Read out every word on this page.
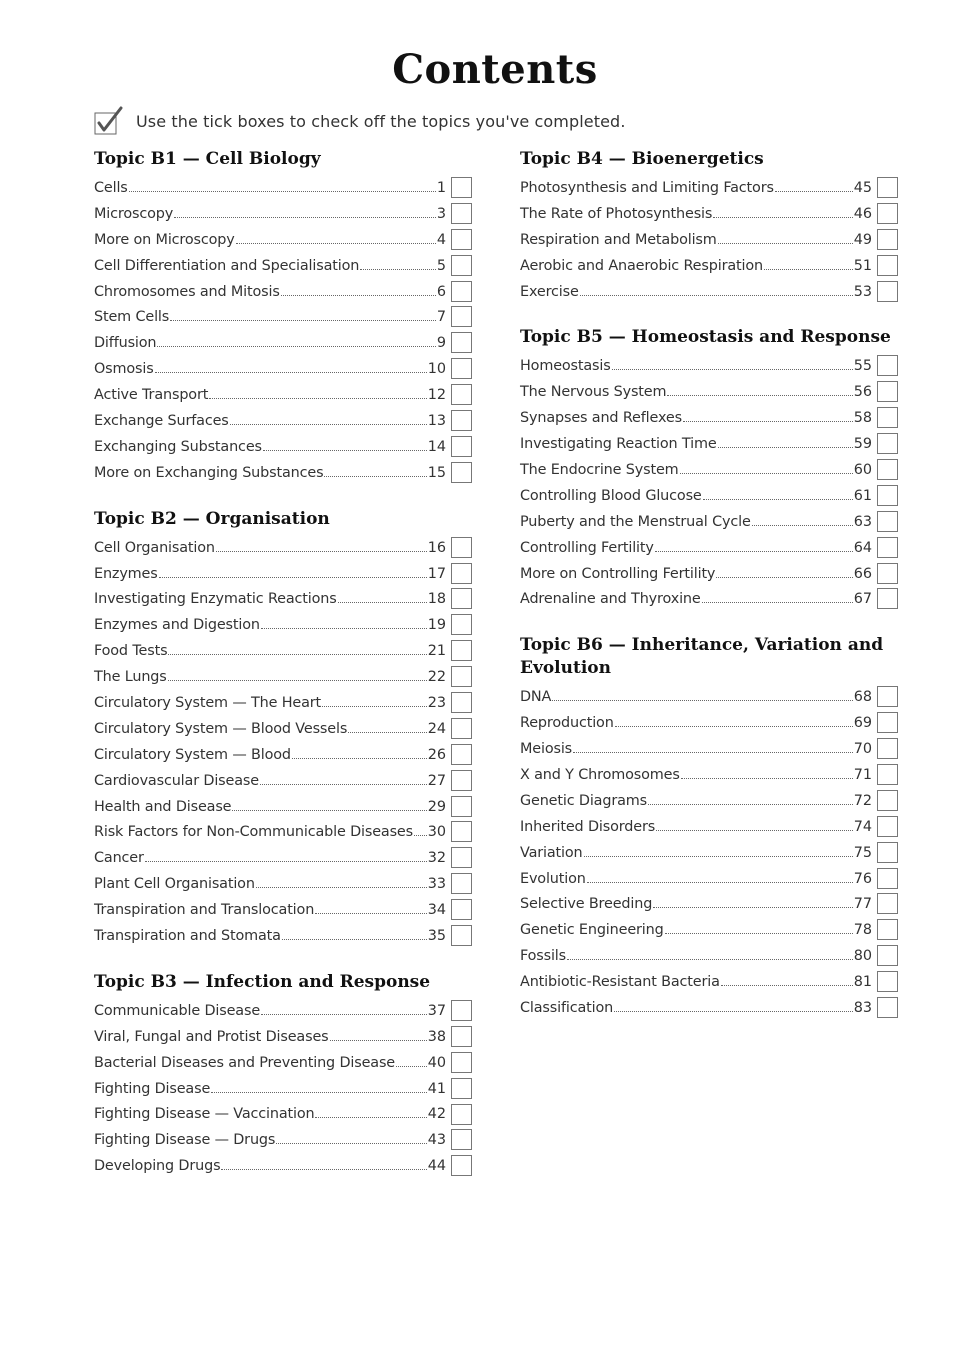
Contents
Use the tick boxes to check off the topics you've completed.
Topic B1 — Cell Biology
Cells	1
Microscopy	3
More on Microscopy	4
Cell Differentiation and Specialisation	5
Chromosomes and Mitosis	6
Stem Cells	7
Diffusion	9
Osmosis	10
Active Transport	12
Exchange Surfaces	13
Exchanging Substances	14
More on Exchanging Substances	15
Topic B2 — Organisation
Cell Organisation	16
Enzymes	17
Investigating Enzymatic Reactions	18
Enzymes and Digestion	19
Food Tests	21
The Lungs	22
Circulatory System — The Heart	23
Circulatory System — Blood Vessels	24
Circulatory System — Blood	26
Cardiovascular Disease	27
Health and Disease	29
Risk Factors for Non-Communicable Diseases 30
Cancer	32
Plant Cell Organisation	33
Transpiration and Translocation	34
Transpiration and Stomata	35
Topic B3 — Infection and Response
Communicable Disease	37
Viral, Fungal and Protist Diseases	38
Bacterial Diseases and Preventing Disease 40
Fighting Disease	41
Fighting Disease — Vaccination	42
Fighting Disease — Drugs	43
Developing Drugs	44
Topic B4 — Bioenergetics
Photosynthesis and Limiting Factors	45
The Rate of Photosynthesis	46
Respiration and Metabolism	49
Aerobic and Anaerobic Respiration	51
Exercise	53
Topic B5 — Homeostasis and Response
Homeostasis	55
The Nervous System	56
Synapses and Reflexes	58
Investigating Reaction Time	59
The Endocrine System	60
Controlling Blood Glucose	61
Puberty and the Menstrual Cycle	63
Controlling Fertility	64
More on Controlling Fertility	66
Adrenaline and Thyroxine	67
Topic B6 — Inheritance, Variation and Evolution
DNA	68
Reproduction	69
Meiosis	70
X and Y Chromosomes	71
Genetic Diagrams	72
Inherited Disorders	74
Variation	75
Evolution	76
Selective Breeding	77
Genetic Engineering	78
Fossils	80
Antibiotic-Resistant Bacteria	81
Classification	83
